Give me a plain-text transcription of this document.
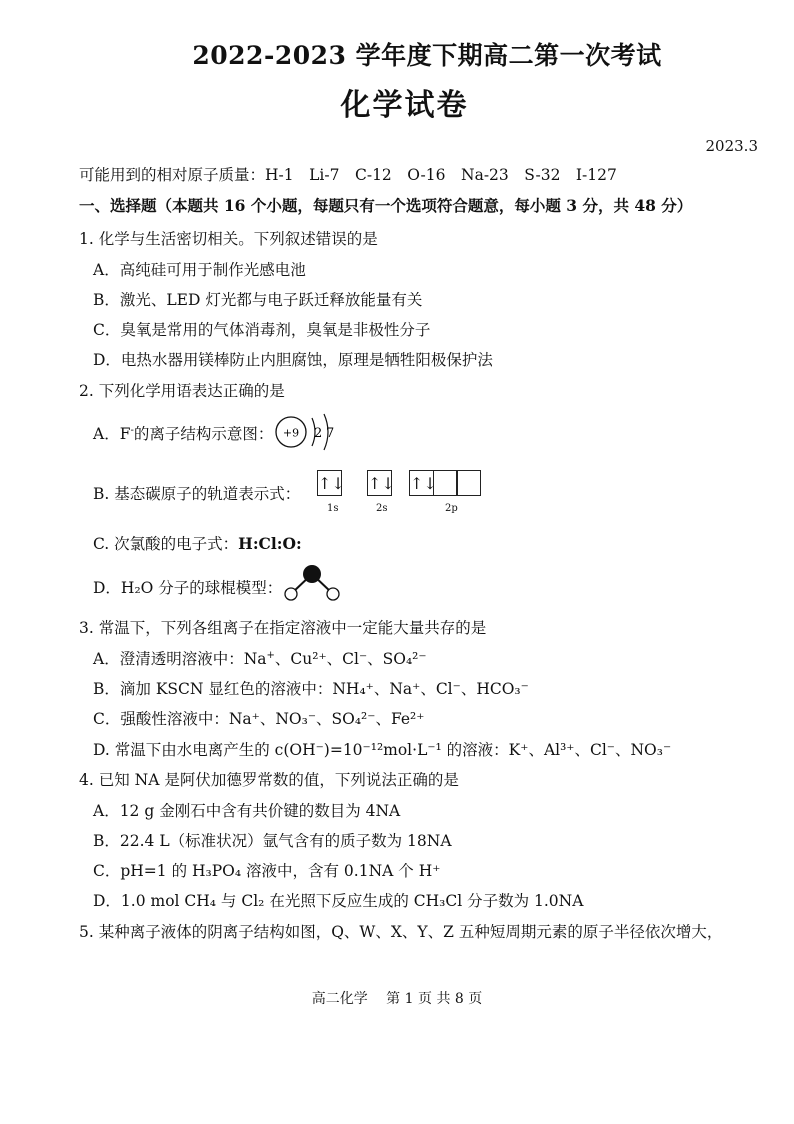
2022-2023 学年度下期高二第一次考试
化学试卷
2023.3
可能用到的相对原子质量：H-1　Li-7　C-12　O-16　Na-23　S-32　I-127
一、选择题（本题共 16 个小题，每题只有一个选项符合题意，每小题 3 分，共 48 分）
1. 化学与生活密切相关。下列叙述错误的是
A．高纯硅可用于制作光感电池
B．激光、LED 灯光都与电子跃迁释放能量有关
C．臭氧是常用的气体消毒剂，臭氧是非极性分子
D．电热水器用镁棒防止内胆腐蚀，原理是牺牲阳极保护法
2. 下列化学用语表达正确的是
A．F-的离子结构示意图： +9 2 7
B. 基态碳原子的轨道表示式：
↑↓ ↑↓ ↑↓
1s	2s	2p
C. 次氯酸的电子式：H:Cl:O:
D．H₂O 分子的球棍模型：
3. 常温下，下列各组离子在指定溶液中一定能大量共存的是
A．澄清透明溶液中：Na+、Cu²⁺、Cl⁻、SO₄²⁻
B．滴加 KSCN 显红色的溶液中：NH₄⁺、Na⁺、Cl⁻、HCO₃⁻
C．强酸性溶液中：Na⁺、NO₃⁻、SO₄²⁻、Fe²⁺
D. 常温下由水电离产生的 c(OH⁻)=10⁻¹²mol·L⁻¹ 的溶液：K⁺、Al³⁺、Cl⁻、NO₃⁻
4. 已知 NA 是阿伏加德罗常数的值，下列说法正确的是
A．12 g 金刚石中含有共价键的数目为 4NA
B．22.4 L（标准状况）氩气含有的质子数为 18NA
C．pH=1 的 H₃PO₄ 溶液中，含有 0.1NA 个 H⁺
D．1.0 mol CH₄ 与 Cl₂ 在光照下反应生成的 CH₃Cl 分子数为 1.0NA
5. 某种离子液体的阴离子结构如图，Q、W、X、Y、Z 五种短周期元素的原子半径依次增大，
高二化学　 第 1 页 共 8 页
